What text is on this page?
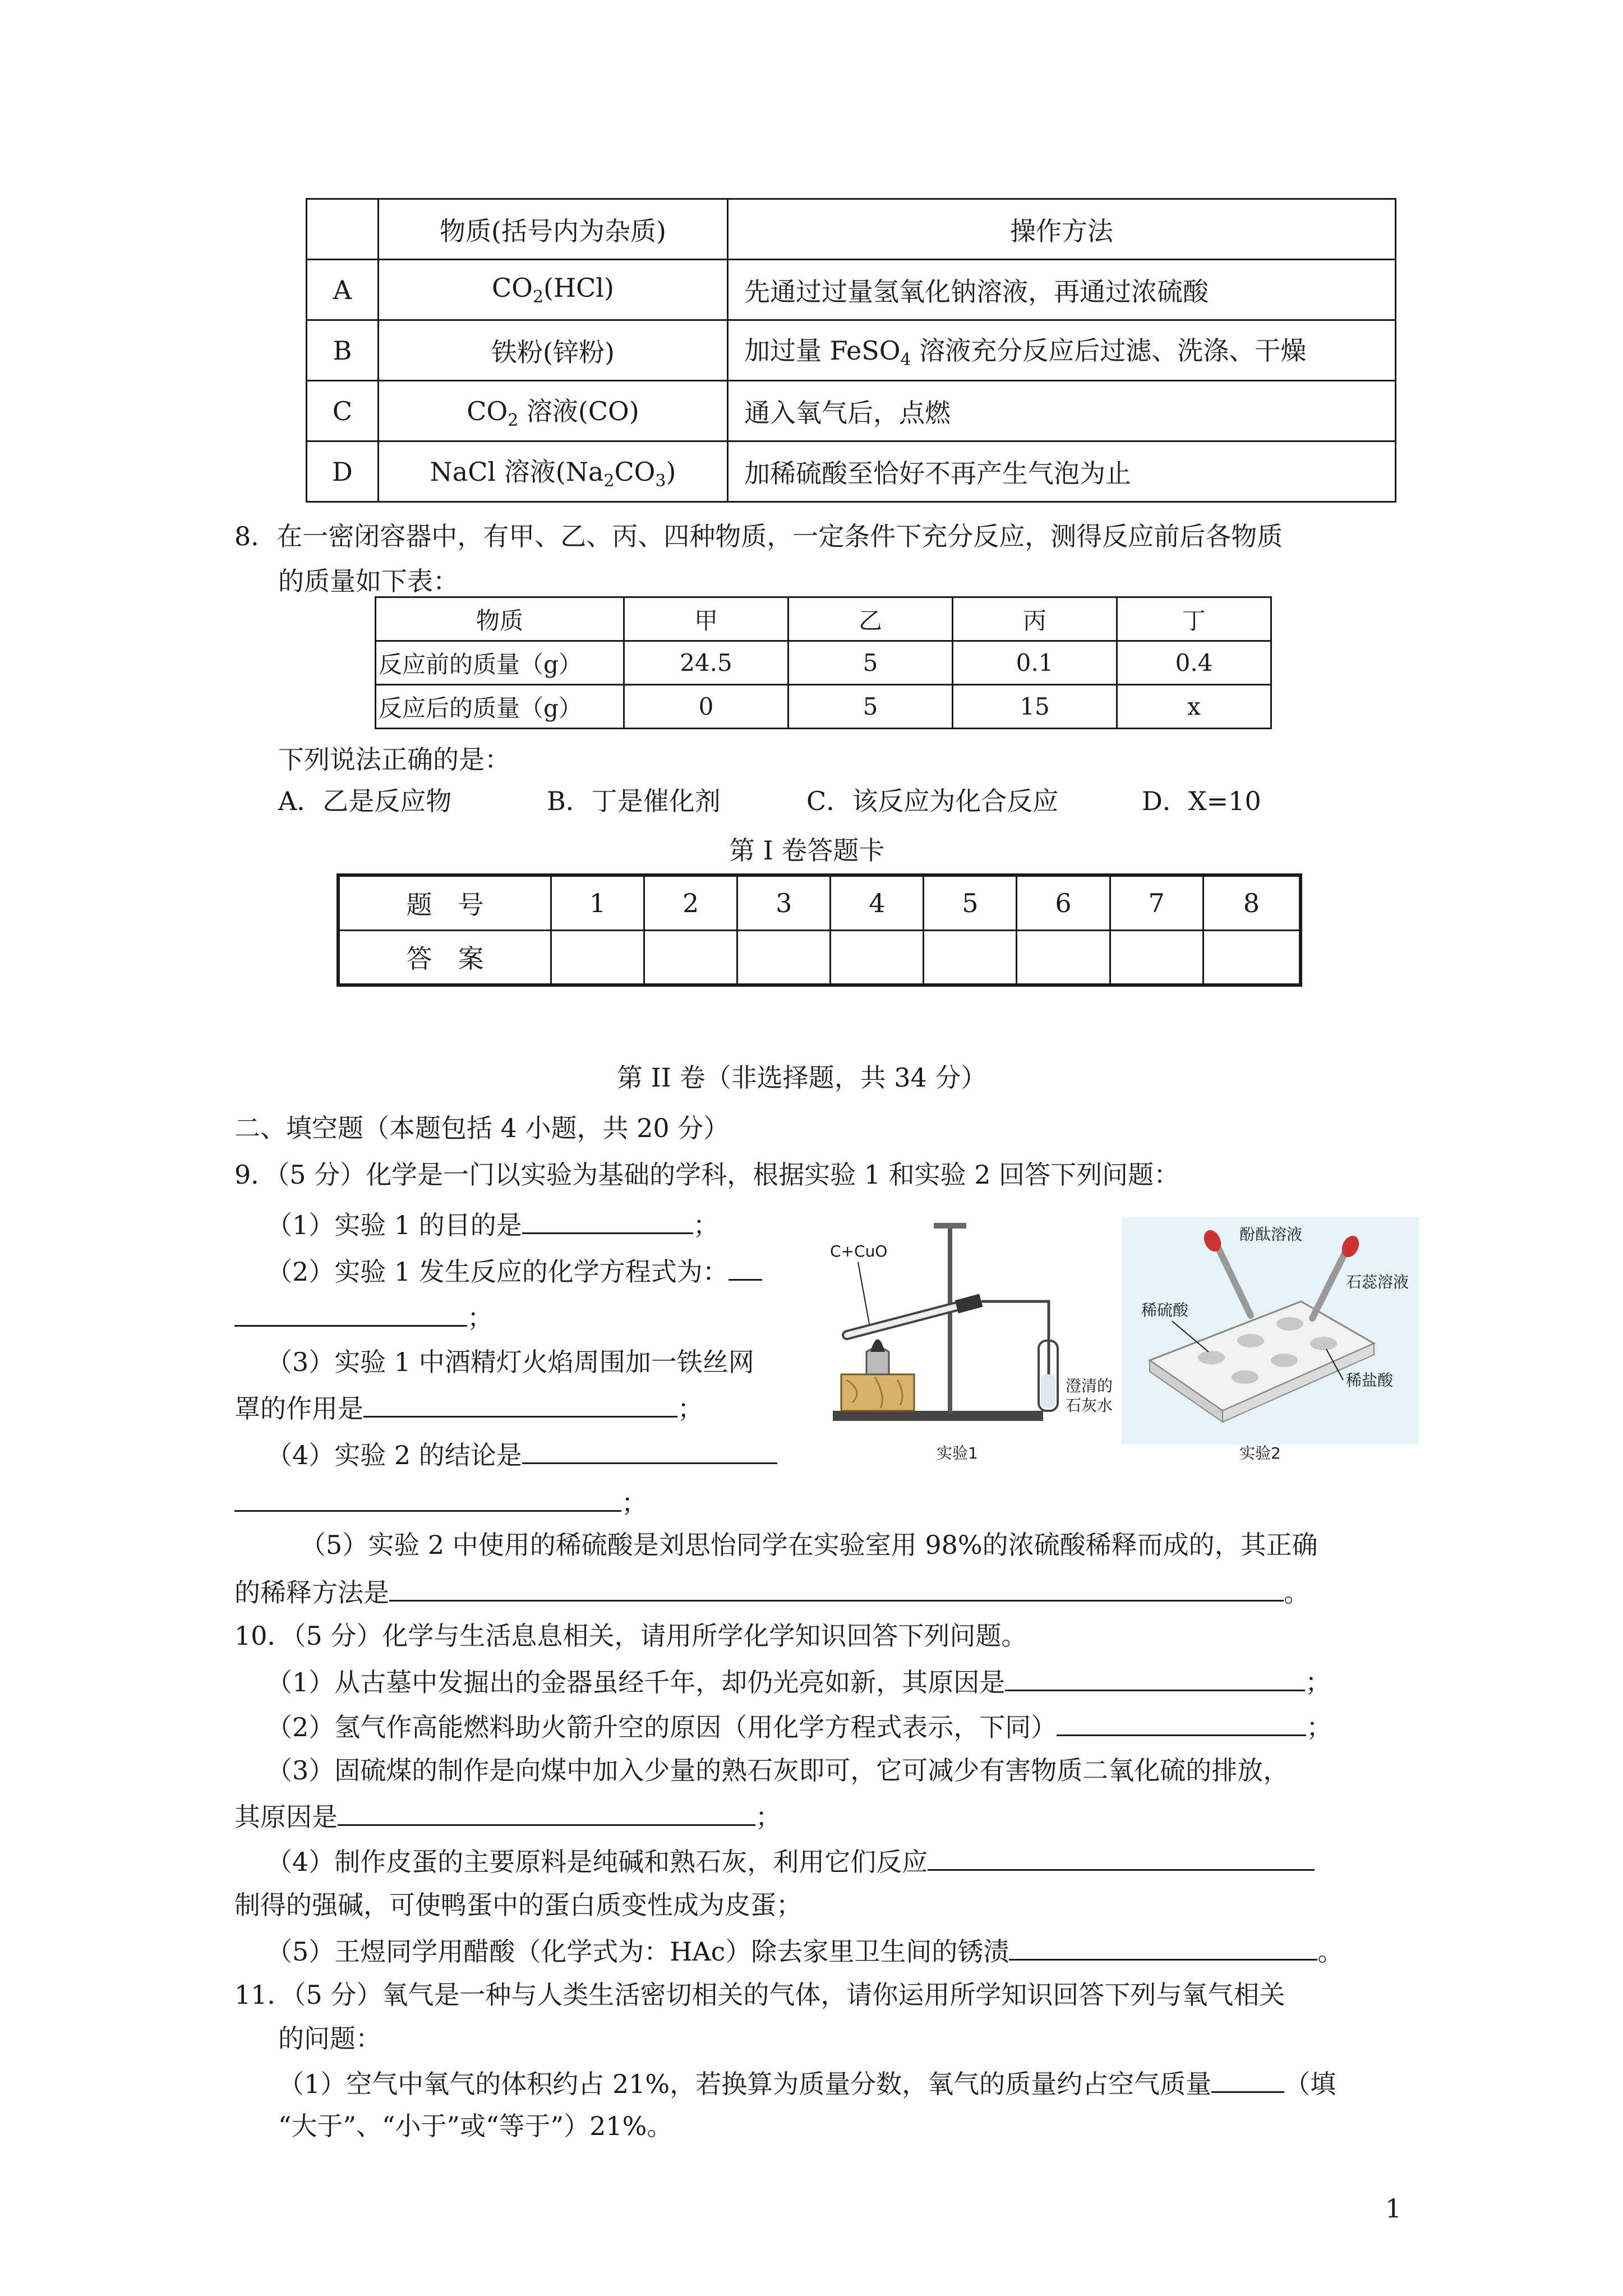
	物质(括号内为杂质)	操作方法
A	$CO_2(HCl)$	先通过过量氢氧化钠溶液，再通过浓硫酸
B	铁粉(锌粉)	加过量 FeSO$_4$ 溶液充分反应后过滤、洗涤、干燥
C	$CO_2$ 溶液(CO)	通入氧气后，点燃
D	NaCl 溶液$(Na_2CO_3)$	加稀硫酸至恰好不再产生气泡为止
8．在一密闭容器中，有甲、乙、丙、四种物质，一定条件下充分反应，测得反应前后各物质
的质量如下表：
物质	甲	乙	丙	丁
反应前的质量（g）	24.5	5	0.1	0.4
反应后的质量（g）	0	5	15	x
下列说法正确的是：
A．乙是反应物	B．丁是催化剂	C．该反应为化合反应	D．X=10
第 I 卷答题卡
题　号	1	2	3	4	5	6	7	8
答　案								
第 II 卷（非选择题，共 34 分）
二、填空题（本题包括 4 小题，共 20 分）
9．（5 分）化学是一门以实验为基础的学科，根据实验 1 和实验 2 回答下列问题：
（1）实验 1 的目的是	；
（2）实验 1 发生反应的化学方程式为：
；
（3）实验 1 中酒精灯火焰周围加一铁丝网
罩的作用是	；
（4）实验 2 的结论是
；
（5）实验 2 中使用的稀硫酸是刘思怡同学在实验室用 98%的浓硫酸稀释而成的，其正确
的稀释方法是	。
C+CuO
澄清的
石灰水
实验1
酚酞溶液
石蕊溶液
稀硫酸
稀盐酸
实验2
10．（5 分）化学与生活息息相关，请用所学化学知识回答下列问题。
（1）从古墓中发掘出的金器虽经千年，却仍光亮如新，其原因是	；
（2）氢气作高能燃料助火箭升空的原因（用化学方程式表示，下同）	；
（3）固硫煤的制作是向煤中加入少量的熟石灰即可，它可减少有害物质二氧化硫的排放，
其原因是	；
（4）制作皮蛋的主要原料是纯碱和熟石灰，利用它们反应
制得的强碱，可使鸭蛋中的蛋白质变性成为皮蛋；
（5）王煜同学用醋酸（化学式为：HAc）除去家里卫生间的锈渍	。
11．（5 分）氧气是一种与人类生活密切相关的气体，请你运用所学知识回答下列与氧气相关
的问题：
（1）空气中氧气的体积约占 21%，若换算为质量分数，氧气的质量约占空气质量	（填
“大于”、“小于”或“等于”）21%。
1
